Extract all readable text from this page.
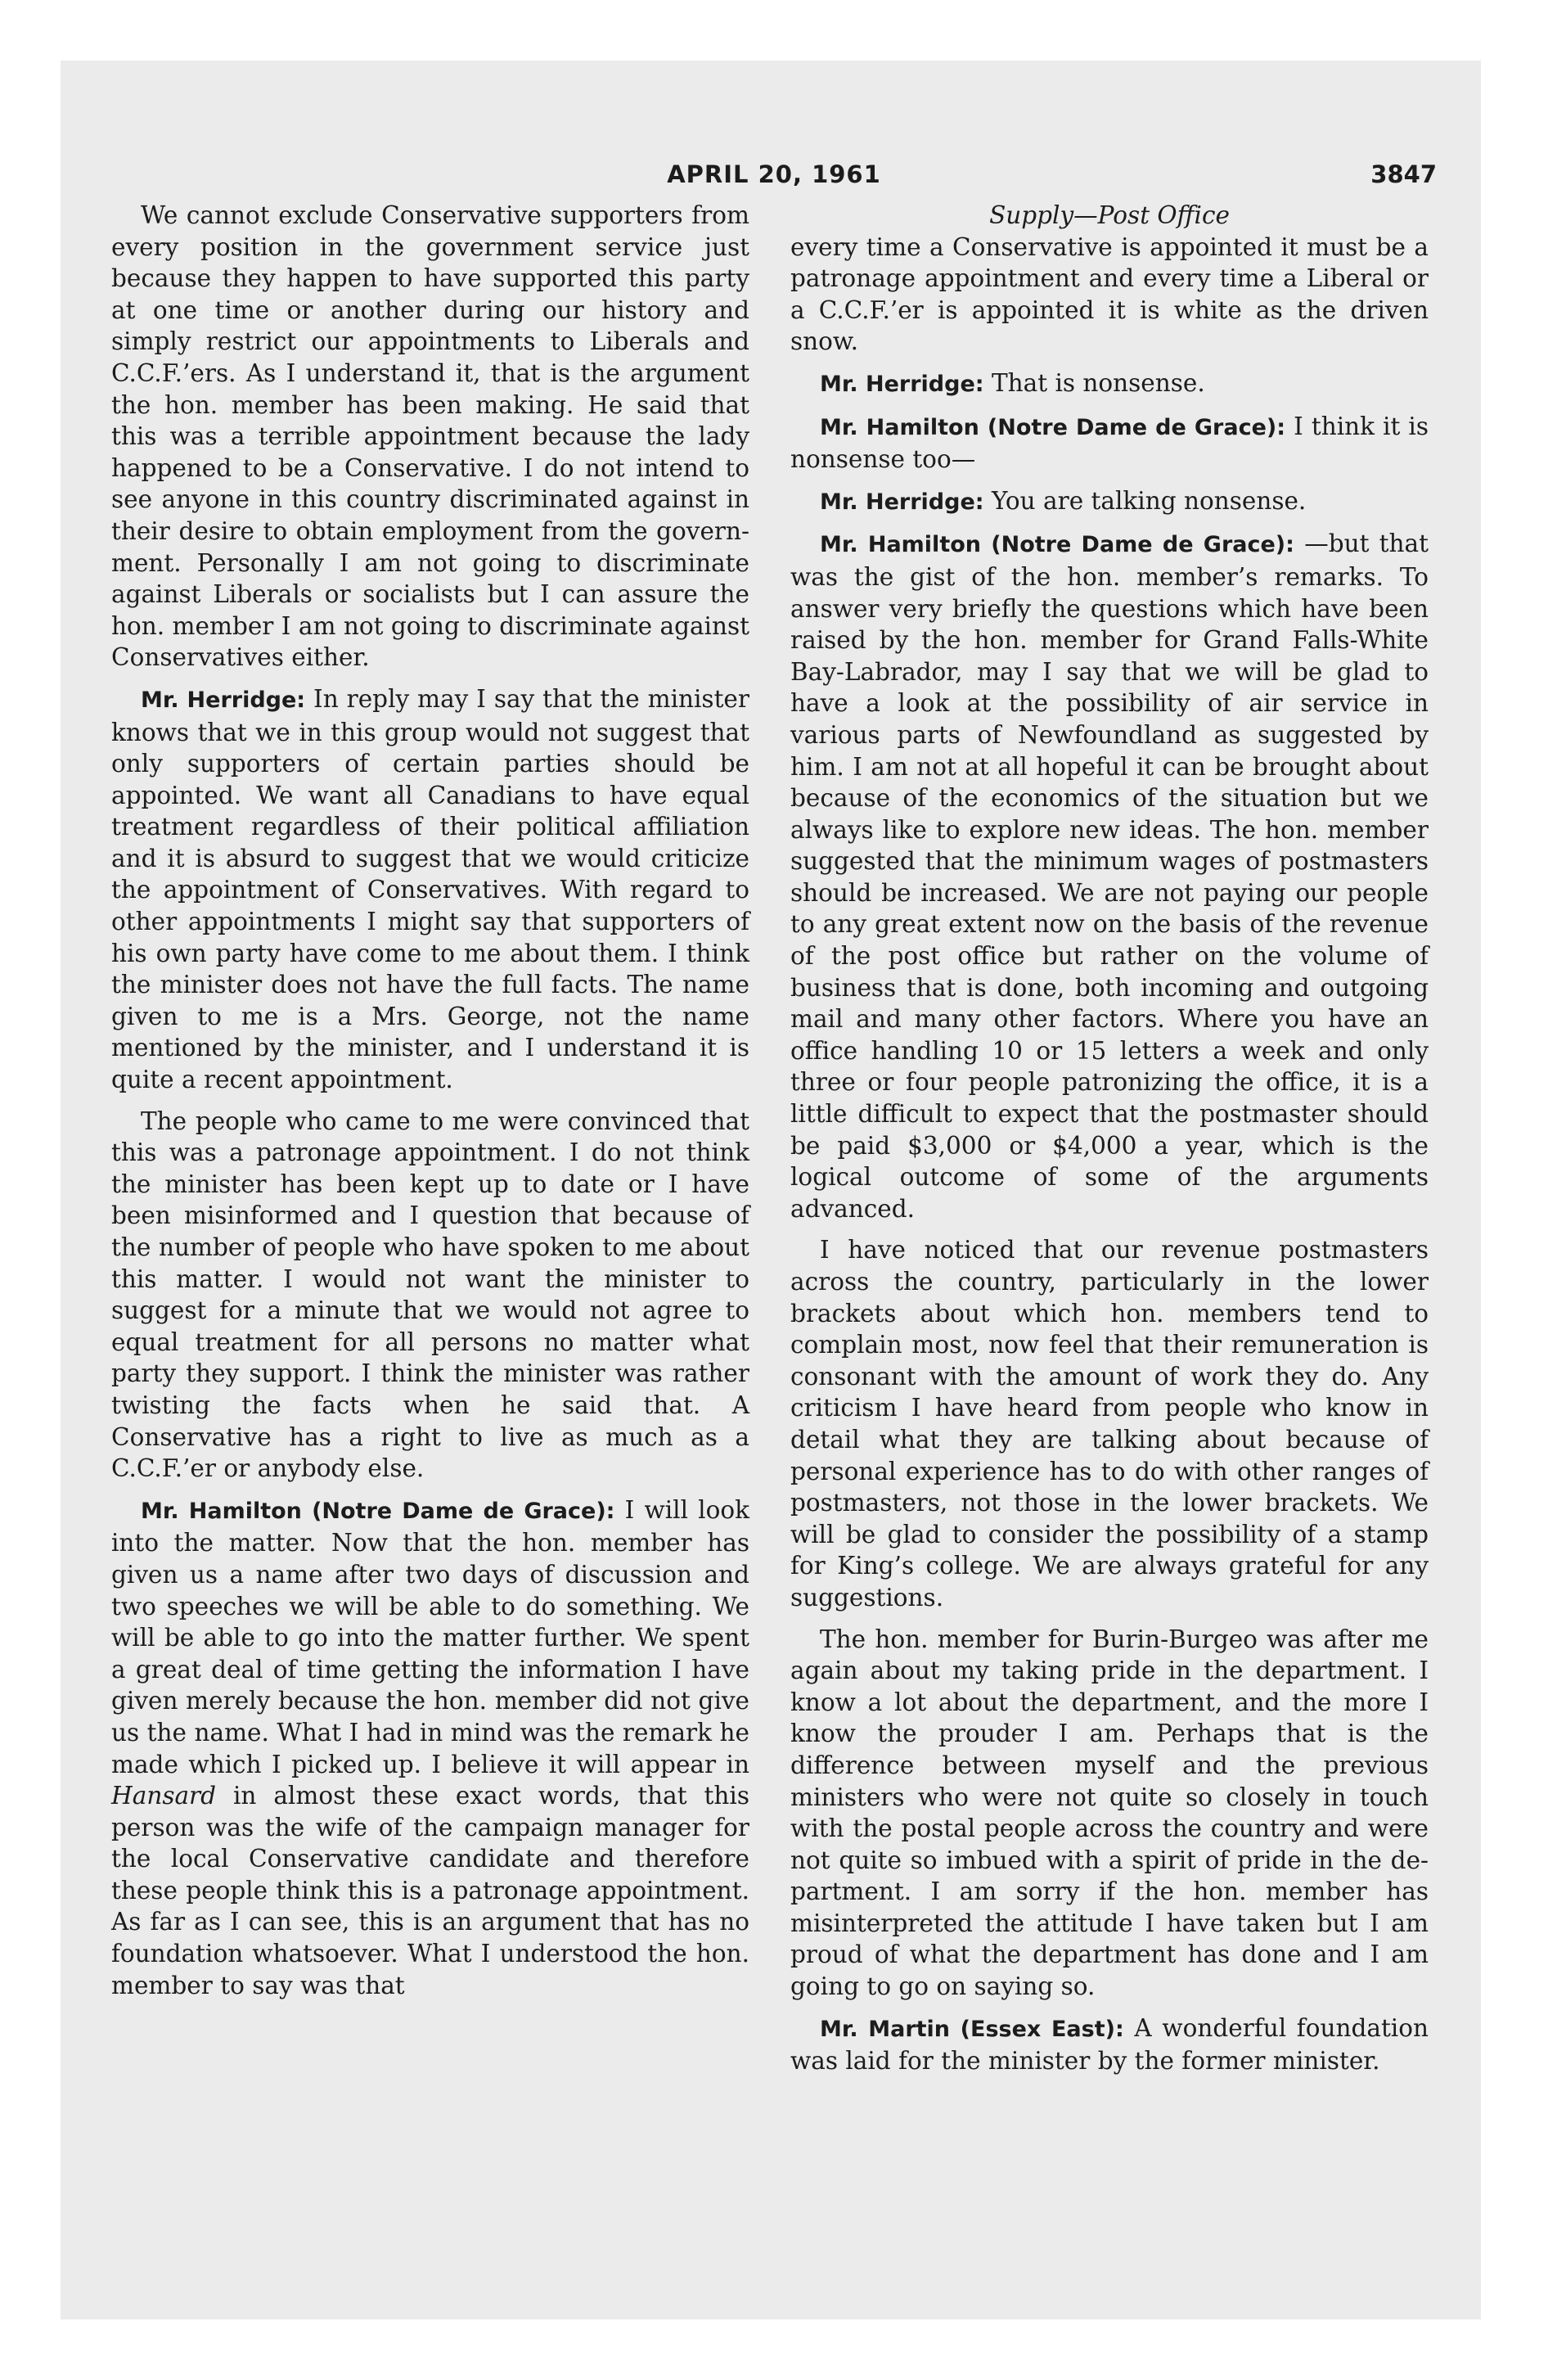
APRIL 20, 1961	3847

We cannot exclude Conservative supporters from every position in the government service just because they happen to have supported this party at one time or another during our history and simply restrict our appointments to Liberals and C.C.F.’ers. As I understand it, that is the argument the hon. member has been making. He said that this was a terrible appointment because the lady happened to be a Conservative. I do not intend to see anyone in this country discriminated against in their desire to obtain employment from the government. Personally I am not going to discriminate against Liberals or socialists but I can assure the hon. member I am not going to discriminate against Conservatives either.

Mr. Herridge: In reply may I say that the minister knows that we in this group would not suggest that only supporters of certain parties should be appointed. We want all Canadians to have equal treatment regardless of their political affiliation and it is absurd to suggest that we would criticize the appointment of Conservatives. With regard to other appointments I might say that supporters of his own party have come to me about them. I think the minister does not have the full facts. The name given to me is a Mrs. George, not the name mentioned by the minister, and I understand it is quite a recent appointment.

The people who came to me were convinced that this was a patronage appointment. I do not think the minister has been kept up to date or I have been misinformed and I question that because of the number of people who have spoken to me about this matter. I would not want the minister to suggest for a minute that we would not agree to equal treatment for all persons no matter what party they support. I think the minister was rather twisting the facts when he said that. A Conservative has a right to live as much as a C.C.F.’er or anybody else.

Mr. Hamilton (Notre Dame de Grace): I will look into the matter. Now that the hon. member has given us a name after two days of discussion and two speeches we will be able to do something. We will be able to go into the matter further. We spent a great deal of time getting the information I have given merely because the hon. member did not give us the name. What I had in mind was the remark he made which I picked up. I believe it will appear in Hansard in almost these exact words, that this person was the wife of the campaign manager for the local Conservative candidate and therefore these people think this is a patronage appointment. As far as I can see, this is an argument that has no foundation whatsoever. What I understood the hon. member to say was that

Supply—Post Office

every time a Conservative is appointed it must be a patronage appointment and every time a Liberal or a C.C.F.’er is appointed it is white as the driven snow.

Mr. Herridge: That is nonsense.

Mr. Hamilton (Notre Dame de Grace): I think it is nonsense too—

Mr. Herridge: You are talking nonsense.

Mr. Hamilton (Notre Dame de Grace): —but that was the gist of the hon. member’s remarks. To answer very briefly the questions which have been raised by the hon. member for Grand Falls-White Bay-Labrador, may I say that we will be glad to have a look at the possibility of air service in various parts of Newfoundland as suggested by him. I am not at all hopeful it can be brought about because of the economics of the situation but we always like to explore new ideas. The hon. member suggested that the minimum wages of postmasters should be increased. We are not paying our people to any great extent now on the basis of the revenue of the post office but rather on the volume of business that is done, both incoming and outgoing mail and many other factors. Where you have an office handling 10 or 15 letters a week and only three or four people patronizing the office, it is a little difficult to expect that the postmaster should be paid $3,000 or $4,000 a year, which is the logical outcome of some of the arguments advanced.

I have noticed that our revenue postmasters across the country, particularly in the lower brackets about which hon. members tend to complain most, now feel that their remuneration is consonant with the amount of work they do. Any criticism I have heard from people who know in detail what they are talking about because of personal experience has to do with other ranges of postmasters, not those in the lower brackets. We will be glad to consider the possibility of a stamp for King’s college. We are always grateful for any suggestions.

The hon. member for Burin-Burgeo was after me again about my taking pride in the department. I know a lot about the department, and the more I know the prouder I am. Perhaps that is the difference between myself and the previous ministers who were not quite so closely in touch with the postal people across the country and were not quite so imbued with a spirit of pride in the department. I am sorry if the hon. member has misinterpreted the attitude I have taken but I am proud of what the department has done and I am going to go on saying so.

Mr. Martin (Essex East): A wonderful foundation was laid for the minister by the former minister.
